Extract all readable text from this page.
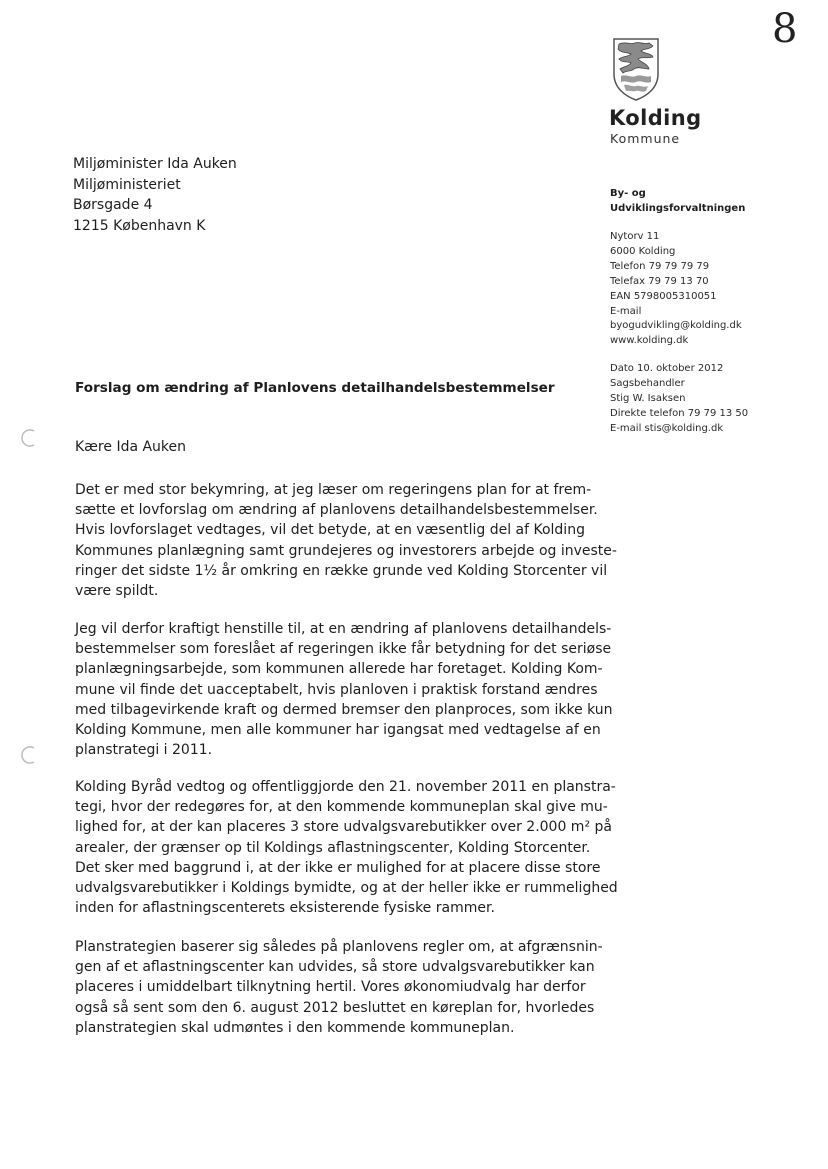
8
Kolding
Kommune
Miljøminister Ida Auken
Miljøministeriet
Børsgade 4
1215 København K
By- og
Udviklingsforvaltningen
Nytorv 11
6000 Kolding
Telefon 79 79 79 79
Telefax 79 79 13 70
EAN 5798005310051
E-mail
byogudvikling@kolding.dk
www.kolding.dk
Dato 10. oktober 2012
Sagsbehandler
Stig W. Isaksen
Direkte telefon 79 79 13 50
E-mail stis@kolding.dk
Forslag om ændring af Planlovens detailhandelsbestemmelser
Kære Ida Auken
Det er med stor bekymring, at jeg læser om regeringens plan for at frem-
sætte et lovforslag om ændring af planlovens detailhandelsbestemmelser.
Hvis lovforslaget vedtages, vil det betyde, at en væsentlig del af Kolding
Kommunes planlægning samt grundejeres og investorers arbejde og investe-
ringer det sidste 1½ år omkring en række grunde ved Kolding Storcenter vil
være spildt.
Jeg vil derfor kraftigt henstille til, at en ændring af planlovens detailhandels-
bestemmelser som foreslået af regeringen ikke får betydning for det seriøse
planlægningsarbejde, som kommunen allerede har foretaget. Kolding Kom-
mune vil finde det uacceptabelt, hvis planloven i praktisk forstand ændres
med tilbagevirkende kraft og dermed bremser den planproces, som ikke kun
Kolding Kommune, men alle kommuner har igangsat med vedtagelse af en
planstrategi i 2011.
Kolding Byråd vedtog og offentliggjorde den 21. november 2011 en planstra-
tegi, hvor der redegøres for, at den kommende kommuneplan skal give mu-
lighed for, at der kan placeres 3 store udvalgsvarebutikker over 2.000 m² på
arealer, der grænser op til Koldings aflastningscenter, Kolding Storcenter.
Det sker med baggrund i, at der ikke er mulighed for at placere disse store
udvalgsvarebutikker i Koldings bymidte, og at der heller ikke er rummelighed
inden for aflastningscenterets eksisterende fysiske rammer.
Planstrategien baserer sig således på planlovens regler om, at afgrænsnin-
gen af et aflastningscenter kan udvides, så store udvalgsvarebutikker kan
placeres i umiddelbart tilknytning hertil. Vores økonomiudvalg har derfor
også så sent som den 6. august 2012 besluttet en køreplan for, hvorledes
planstrategien skal udmøntes i den kommende kommuneplan.
